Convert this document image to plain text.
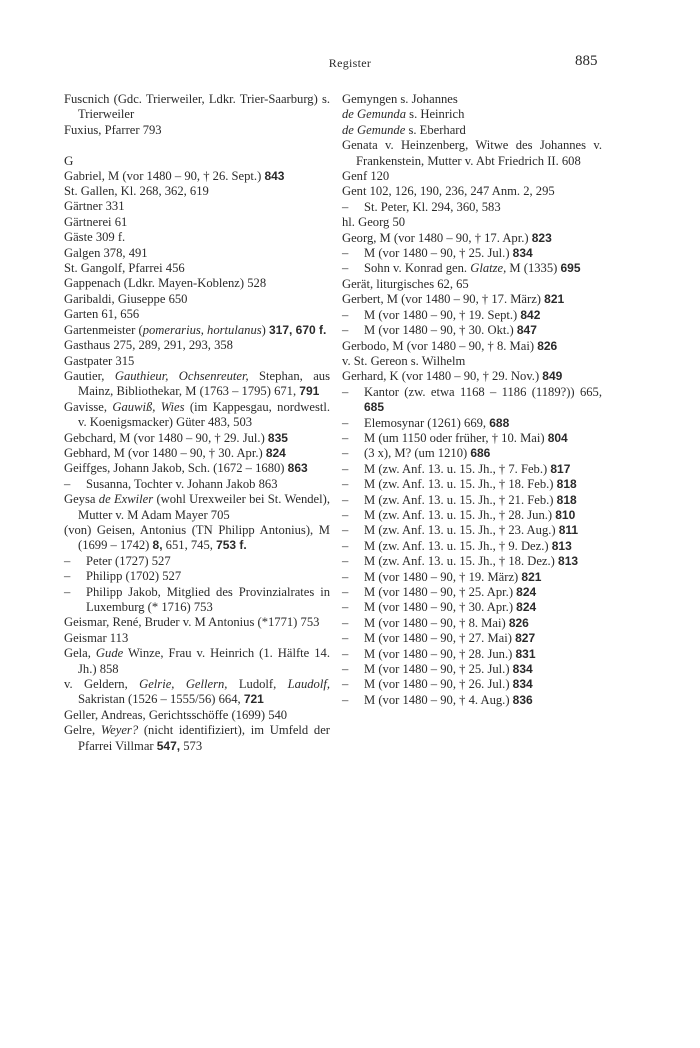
Register	885
Fuscnich (Gdc. Trierweiler, Ldkr. Trier-Saarburg) s. Trierweiler
Fuxius, Pfarrer 793
G
Gabriel, M (vor 1480 – 90, † 26. Sept.) 843
St. Gallen, Kl. 268, 362, 619
Gärtner 331
Gärtnerei 61
Gäste 309 f.
Galgen 378, 491
St. Gangolf, Pfarrei 456
Gappenach (Ldkr. Mayen-Koblenz) 528
Garibaldi, Giuseppe 650
Garten 61, 656
Gartenmeister (pomerarius, hortulanus) 317, 670 f.
Gasthaus 275, 289, 291, 293, 358
Gastpater 315
Gautier, Gauthieur, Ochsenreuter, Stephan, aus Mainz, Bibliothekar, M (1763 – 1795) 671, 791
Gavisse, Gauwiß, Wies (im Kappesgau, nordwestl. v. Koenigsmacker) Güter 483, 503
Gebchard, M (vor 1480 – 90, † 29. Jul.) 835
Gebhard, M (vor 1480 – 90, † 30. Apr.) 824
Geiffges, Johann Jakob, Sch. (1672 – 1680) 863
– Susanna, Tochter v. Johann Jakob 863
Geysa de Exwiler (wohl Urexweiler bei St. Wendel), Mutter v. M Adam Mayer 705
(von) Geisen, Antonius (TN Philipp Antonius), M (1699 – 1742) 8, 651, 745, 753 f.
– Peter (1727) 527
– Philipp (1702) 527
– Philipp Jakob, Mitglied des Provinzialrates in Luxemburg (* 1716) 753
Geismar, René, Bruder v. M Antonius (*1771) 753
Geismar 113
Gela, Gude Winze, Frau v. Heinrich (1. Hälfte 14. Jh.) 858
v. Geldern, Gelrie, Gellern, Ludolf, Laudolf, Sakristan (1526 – 1555/56) 664, 721
Geller, Andreas, Gerichtsschöffe (1699) 540
Gelre, Weyer? (nicht identifiziert), im Umfeld der Pfarrei Villmar 547, 573
Gemyngen s. Johannes
de Gemunda s. Heinrich
de Gemunde s. Eberhard
Genata v. Heinzenberg, Witwe des Johannes v. Frankenstein, Mutter v. Abt Friedrich II. 608
Genf 120
Gent 102, 126, 190, 236, 247 Anm. 2, 295
– St. Peter, Kl. 294, 360, 583
hl. Georg 50
Georg, M (vor 1480 – 90, † 17. Apr.) 823
– M (vor 1480 – 90, † 25. Jul.) 834
– Sohn v. Konrad gen. Glatze, M (1335) 695
Gerät, liturgisches 62, 65
Gerbert, M (vor 1480 – 90, † 17. März) 821
– M (vor 1480 – 90, † 19. Sept.) 842
– M (vor 1480 – 90, † 30. Okt.) 847
Gerbodo, M (vor 1480 – 90, † 8. Mai) 826
v. St. Gereon s. Wilhelm
Gerhard, K (vor 1480 – 90, † 29. Nov.) 849
– Kantor (zw. etwa 1168 – 1186 (1189?)) 665, 685
– Elemosynar (1261) 669, 688
– M (um 1150 oder früher, † 10. Mai) 804
– (3 x), M? (um 1210) 686
– M (zw. Anf. 13. u. 15. Jh., † 7. Feb.) 817
– M (zw. Anf. 13. u. 15. Jh., † 18. Feb.) 818
– M (zw. Anf. 13. u. 15. Jh., † 21. Feb.) 818
– M (zw. Anf. 13. u. 15. Jh., † 28. Jun.) 810
– M (zw. Anf. 13. u. 15. Jh., † 23. Aug.) 811
– M (zw. Anf. 13. u. 15. Jh., † 9. Dez.) 813
– M (zw. Anf. 13. u. 15. Jh., † 18. Dez.) 813
– M (vor 1480 – 90, † 19. März) 821
– M (vor 1480 – 90, † 25. Apr.) 824
– M (vor 1480 – 90, † 30. Apr.) 824
– M (vor 1480 – 90, † 8. Mai) 826
– M (vor 1480 – 90, † 27. Mai) 827
– M (vor 1480 – 90, † 28. Jun.) 831
– M (vor 1480 – 90, † 25. Jul.) 834
– M (vor 1480 – 90, † 26. Jul.) 834
– M (vor 1480 – 90, † 4. Aug.) 836
